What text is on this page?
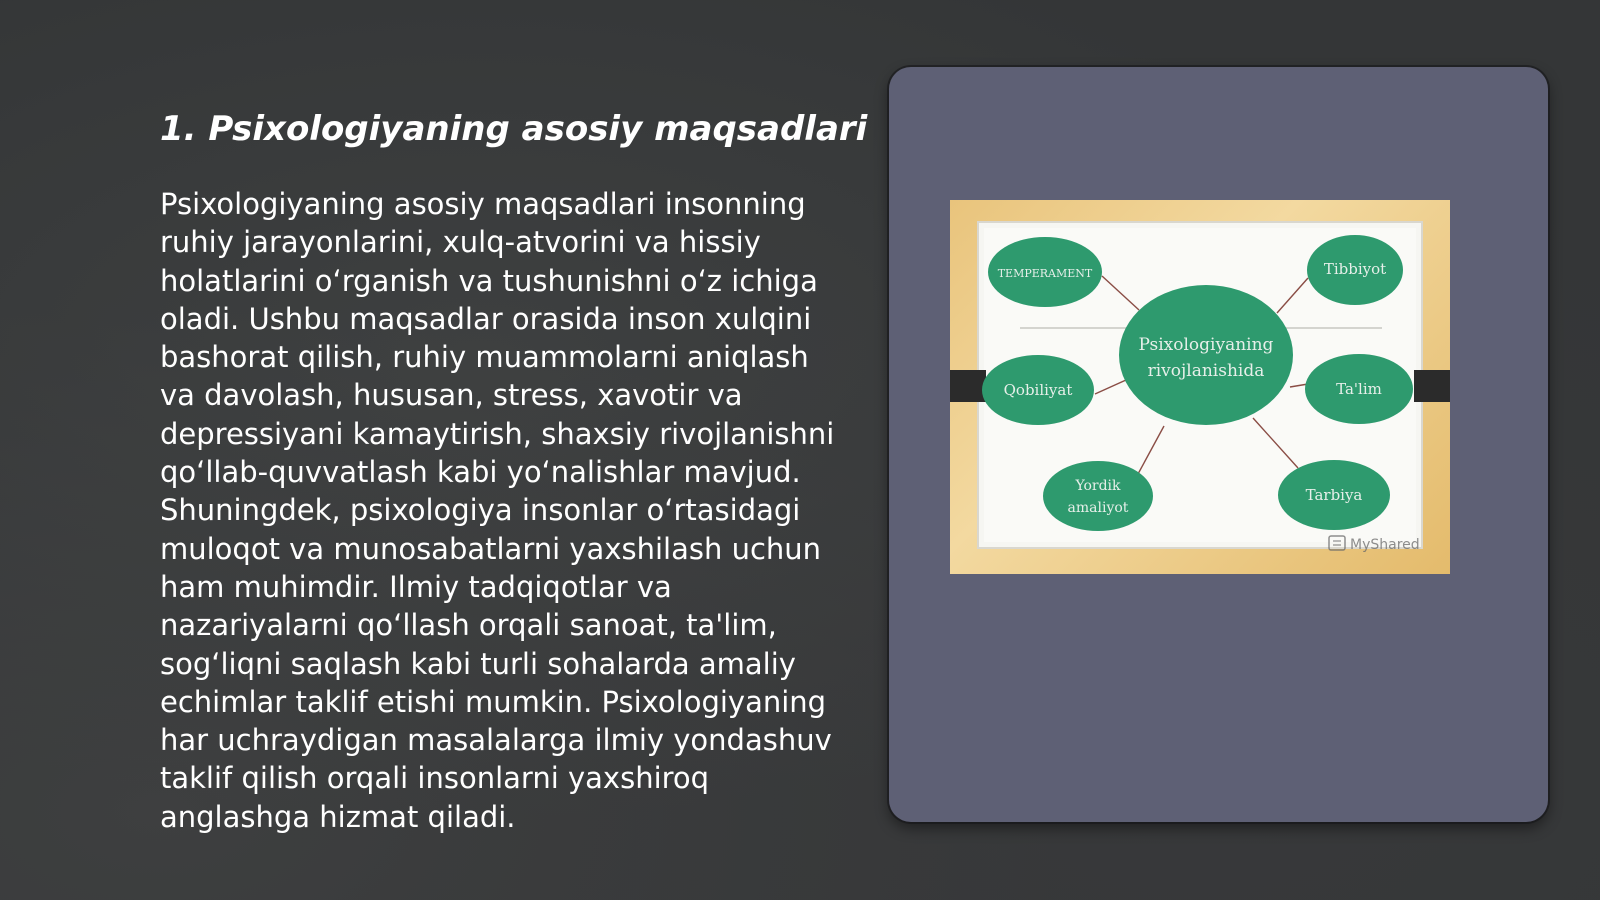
1. Psixologiyaning asosiy maqsadlari

Psixologiyaning asosiy maqsadlari insonning ruhiy jarayonlarini, xulq-atvorini va hissiy holatlarini oʻrganish va tushunishni oʻz ichiga oladi. Ushbu maqsadlar orasida inson xulqini bashorat qilish, ruhiy muammolarni aniqlash va davolash, hususan, stress, xavotir va depressiyani kamaytirish, shaxsiy rivojlanishni qoʻllab-quvvatlash kabi yoʻnalishlar mavjud. Shuningdek, psixologiya insonlar oʻrtasidagi muloqot va munosabatlarni yaxshilash uchun ham muhimdir. Ilmiy tadqiqotlar va nazariyalarni qoʻllash orqali sanoat, ta'lim, sogʻliqni saqlash kabi turli sohalarda amaliy echimlar taklif etishi mumkin. Psixologiyaning har uchraydigan masalalarga ilmiy yondashuv taklif qilish orqali insonlarni yaxshiroq anglashga hizmat qiladi.

Psixologiyaning
rivojlanishida
TEMPERAMENT	Tibbiyot
Qobiliyat	Ta'lim
Yordik
amaliyot
Tarbiya
MyShared
